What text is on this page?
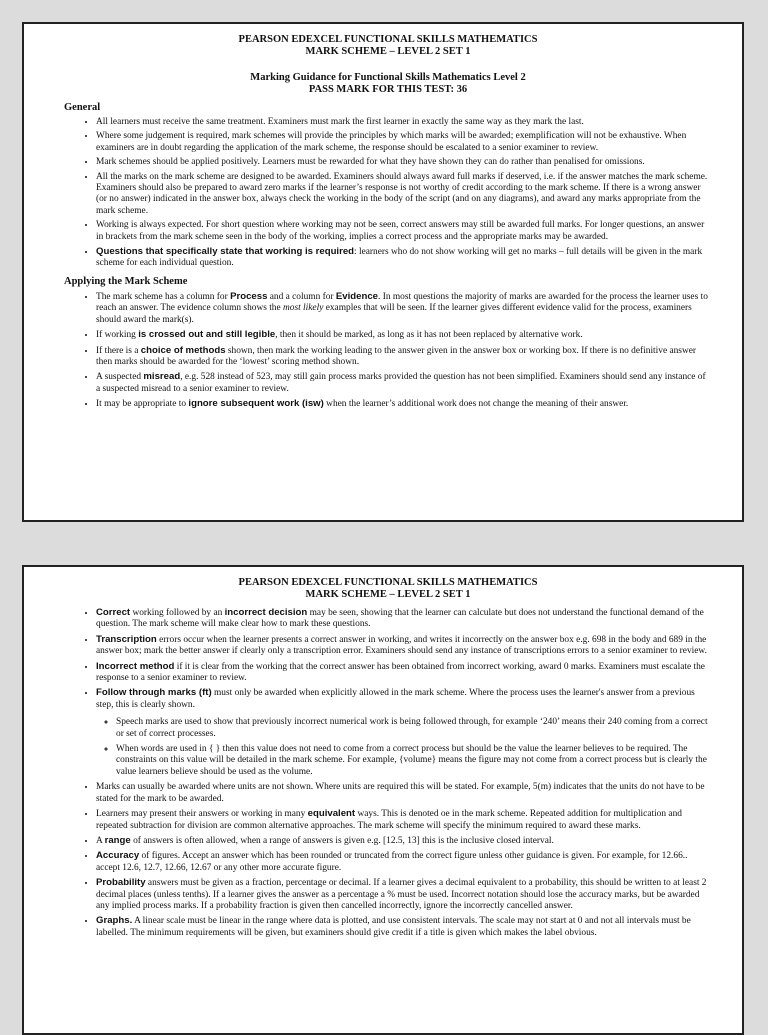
PEARSON EDEXCEL FUNCTIONAL SKILLS MATHEMATICS
MARK SCHEME – LEVEL 2 SET 1
Marking Guidance for Functional Skills Mathematics Level 2
PASS MARK FOR THIS TEST: 36
General
• All learners must receive the same treatment. Examiners must mark the first learner in exactly the same way as they mark the last.
• Where some judgement is required, mark schemes will provide the principles by which marks will be awarded; exemplification will not be exhaustive. When examiners are in doubt regarding the application of the mark scheme, the response should be escalated to a senior examiner to review.
• Mark schemes should be applied positively. Learners must be rewarded for what they have shown they can do rather than penalised for omissions.
• All the marks on the mark scheme are designed to be awarded. Examiners should always award full marks if deserved, i.e. if the answer matches the mark scheme. Examiners should also be prepared to award zero marks if the learner’s response is not worthy of credit according to the mark scheme. If there is a wrong answer (or no answer) indicated in the answer box, always check the working in the body of the script (and on any diagrams), and award any marks appropriate from the mark scheme.
• Working is always expected. For short question where working may not be seen, correct answers may still be awarded full marks. For longer questions, an answer in brackets from the mark scheme seen in the body of the working, implies a correct process and the appropriate marks may be awarded.
• Questions that specifically state that working is required: learners who do not show working will get no marks – full details will be given in the mark scheme for each individual question.
Applying the Mark Scheme
• The mark scheme has a column for Process and a column for Evidence. In most questions the majority of marks are awarded for the process the learner uses to reach an answer. The evidence column shows the most likely examples that will be seen. If the learner gives different evidence valid for the process, examiners should award the mark(s).
• If working is crossed out and still legible, then it should be marked, as long as it has not been replaced by alternative work.
• If there is a choice of methods shown, then mark the working leading to the answer given in the answer box or working box. If there is no definitive answer then marks should be awarded for the ‘lowest’ scoring method shown.
• A suspected misread, e.g. 528 instead of 523, may still gain process marks provided the question has not been simplified. Examiners should send any instance of a suspected misread to a senior examiner to review.
• It may be appropriate to ignore subsequent work (isw) when the learner’s additional work does not change the meaning of their answer.
PEARSON EDEXCEL FUNCTIONAL SKILLS MATHEMATICS
MARK SCHEME – LEVEL 2 SET 1
• Correct working followed by an incorrect decision may be seen, showing that the learner can calculate but does not understand the functional demand of the question. The mark scheme will make clear how to mark these questions.
• Transcription errors occur when the learner presents a correct answer in working, and writes it incorrectly on the answer box e.g. 698 in the body and 689 in the answer box; mark the better answer if clearly only a transcription error. Examiners should send any instance of transcriptions errors to a senior examiner to review.
• Incorrect method if it is clear from the working that the correct answer has been obtained from incorrect working, award 0 marks. Examiners must escalate the response to a senior examiner to review.
• Follow through marks (ft) must only be awarded when explicitly allowed in the mark scheme. Where the process uses the learner's answer from a previous step, this is clearly shown.
◦ Speech marks are used to show that previously incorrect numerical work is being followed through, for example ‘240’ means their 240 coming from a correct or set of correct processes.
◦ When words are used in { } then this value does not need to come from a correct process but should be the value the learner believes to be required. The constraints on this value will be detailed in the mark scheme. For example, {volume} means the figure may not come from a correct process but is clearly the value learners believe should be used as the volume.
• Marks can usually be awarded where units are not shown. Where units are required this will be stated. For example, 5(m) indicates that the units do not have to be stated for the mark to be awarded.
• Learners may present their answers or working in many equivalent ways. This is denoted oe in the mark scheme. Repeated addition for multiplication and repeated subtraction for division are common alternative approaches. The mark scheme will specify the minimum required to award these marks.
• A range of answers is often allowed, when a range of answers is given e.g. [12.5, 13] this is the inclusive closed interval.
• Accuracy of figures. Accept an answer which has been rounded or truncated from the correct figure unless other guidance is given. For example, for 12.66.. accept 12.6, 12.7, 12.66, 12.67 or any other more accurate figure.
• Probability answers must be given as a fraction, percentage or decimal. If a learner gives a decimal equivalent to a probability, this should be written to at least 2 decimal places (unless tenths). If a learner gives the answer as a percentage a % must be used. Incorrect notation should lose the accuracy marks, but be awarded any implied process marks. If a probability fraction is given then cancelled incorrectly, ignore the incorrectly cancelled answer.
• Graphs. A linear scale must be linear in the range where data is plotted, and use consistent intervals. The scale may not start at 0 and not all intervals must be labelled. The minimum requirements will be given, but examiners should give credit if a title is given which makes the label obvious.
